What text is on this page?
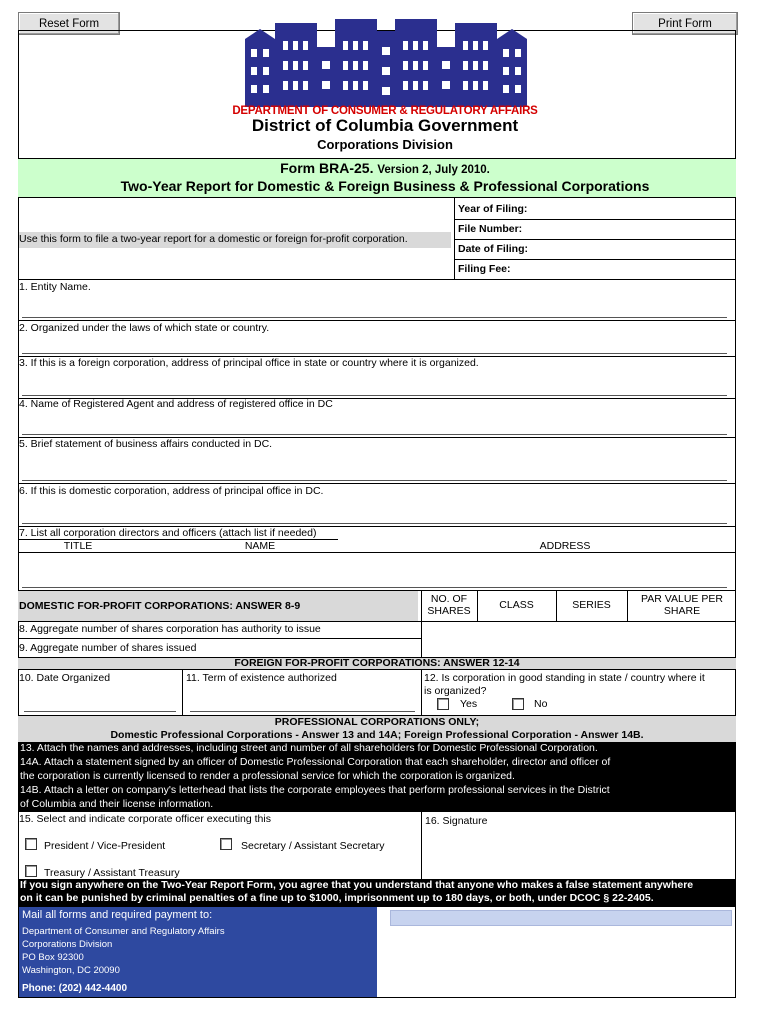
Reset Form	Print Form
DEPARTMENT OF CONSUMER & REGULATORY AFFAIRS
District of Columbia Government
Corporations Division
Form BRA-25. Version 2, July 2010.
Two-Year Report for Domestic & Foreign Business & Professional Corporations
Year of Filing:
File Number:
Date of Filing:
Filing Fee:
Use this form to file a two-year report for a domestic or foreign for-profit corporation.
1. Entity Name.
2. Organized under the laws of which state or country.
3. If this is a foreign corporation, address of principal office in state or country where it is organized.
4. Name of Registered Agent and address of registered office in DC
5. Brief statement of business affairs conducted in DC.
6. If this is domestic corporation, address of principal office in DC.
7. List all corporation directors and officers (attach list if needed)
TITLE	NAME	ADDRESS
DOMESTIC FOR-PROFIT CORPORATIONS: ANSWER 8-9
NO. OF SHARES	CLASS	SERIES	PAR VALUE PER SHARE
8. Aggregate number of shares corporation has authority to issue
9. Aggregate number of shares issued
FOREIGN FOR-PROFIT CORPORATIONS: ANSWER 12-14
10. Date Organized	11. Term of existence authorized	12. Is corporation in good standing in state / country where it
is organized?
Yes	No
PROFESSIONAL CORPORATIONS ONLY;
Domestic Professional Corporations - Answer 13 and 14A; Foreign Professional Corporation - Answer 14B.
13. Attach the names and addresses, including street and number of all shareholders for Domestic Professional Corporation.
14A. Attach a statement signed by an officer of Domestic Professional Corporation that each shareholder, director and officer of
the corporation is currently licensed to render a professional service for which the corporation is organized.
14B. Attach a letter on company's letterhead that lists the corporate employees that perform professional services in the District
of Columbia and their license information.
15. Select and indicate corporate officer executing this	16. Signature
President / Vice-President	Secretary / Assistant Secretary
Treasury / Assistant Treasury
If you sign anywhere on the Two-Year Report Form, you agree that you understand that anyone who makes a false statement anywhere
on it can be punished by criminal penalties of a fine up to $1000, imprisonment up to 180 days, or both, under DCOC § 22-2405.
Mail all forms and required payment to:
Department of Consumer and Regulatory Affairs
Corporations Division
PO Box 92300
Washington, DC 20090
Phone: (202) 442-4400
